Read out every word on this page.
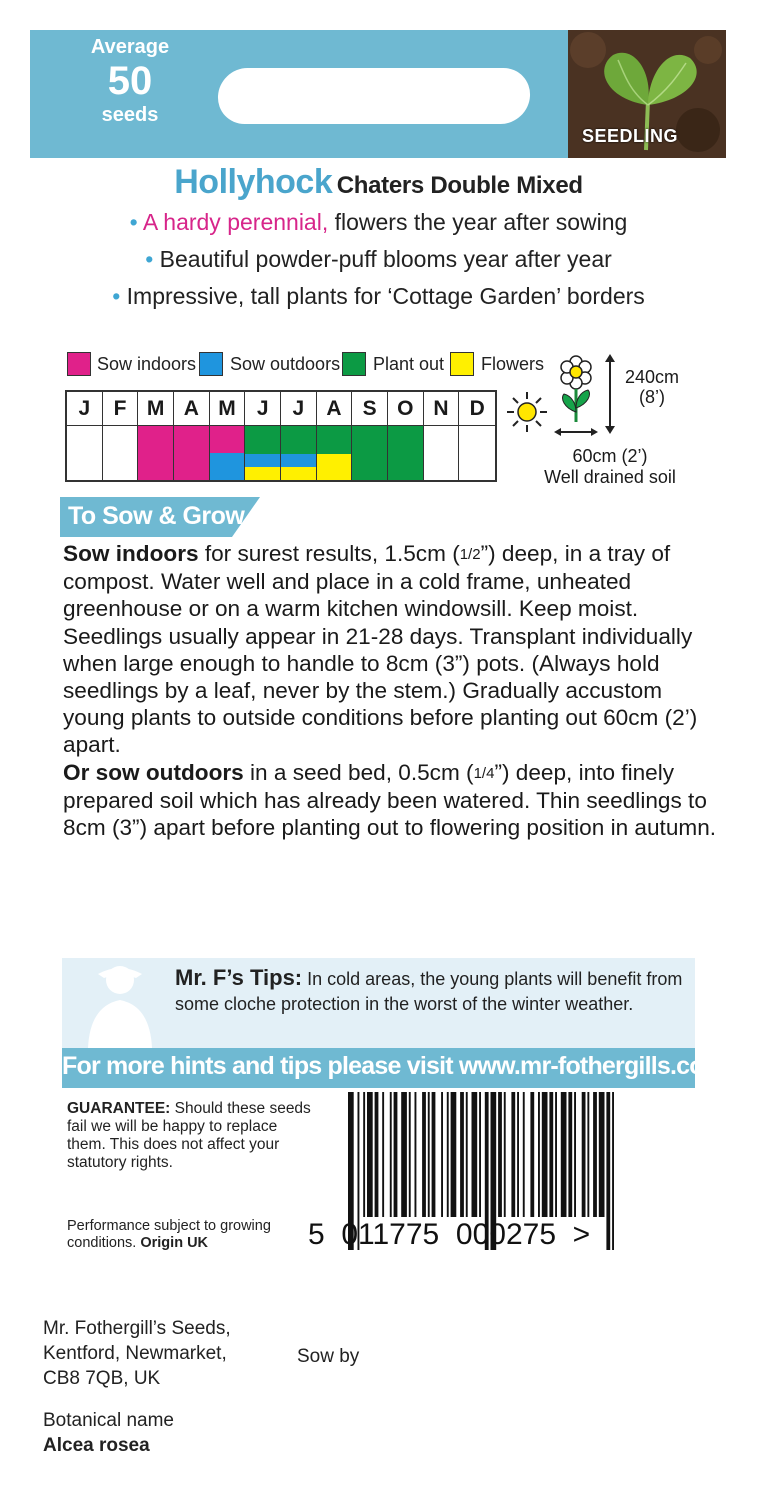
Average
50
seeds
SEEDLING
Hollyhock Chaters Double Mixed
• A hardy perennial, flowers the year after sowing
• Beautiful powder-puff blooms year after year
• Impressive, tall plants for ‘Cottage Garden’ borders
Sow indoors Sow outdoors Plant out Flowers
J	F M A M	J	J	A	S O N	D
240cm
(8’)
60cm (2’)
Well drained soil
To Sow & Grow
Sow indoors for surest results, 1.5cm (1/2”) deep, in a tray of compost. Water well and place in a cold frame, unheated greenhouse or on a warm kitchen windowsill. Keep moist. Seedlings usually appear in 21-28 days. Transplant individually when large enough to handle to 8cm (3”) pots. (Always hold seedlings by a leaf, never by the stem.) Gradually accustom young plants to outside conditions before planting out 60cm (2’) apart.
Or sow outdoors in a seed bed, 0.5cm (1/4”) deep, into finely prepared soil which has already been watered. Thin seedlings to 8cm (3”) apart before planting out to flowering position in autumn.
Mr. F’s Tips: In cold areas, the young plants will benefit from some cloche protection in the worst of the winter weather.
For more hints and tips please visit www.mr-fothergills.co.uk
GUARANTEE: Should these seeds fail we will be happy to replace them. This does not affect your statutory rights.
Performance subject to growing conditions. Origin UK	5  011775  000275  >
Mr. Fothergill’s Seeds,
Kentford, Newmarket,
CB8 7QB, UK
Sow by
Botanical name
Alcea rosea
